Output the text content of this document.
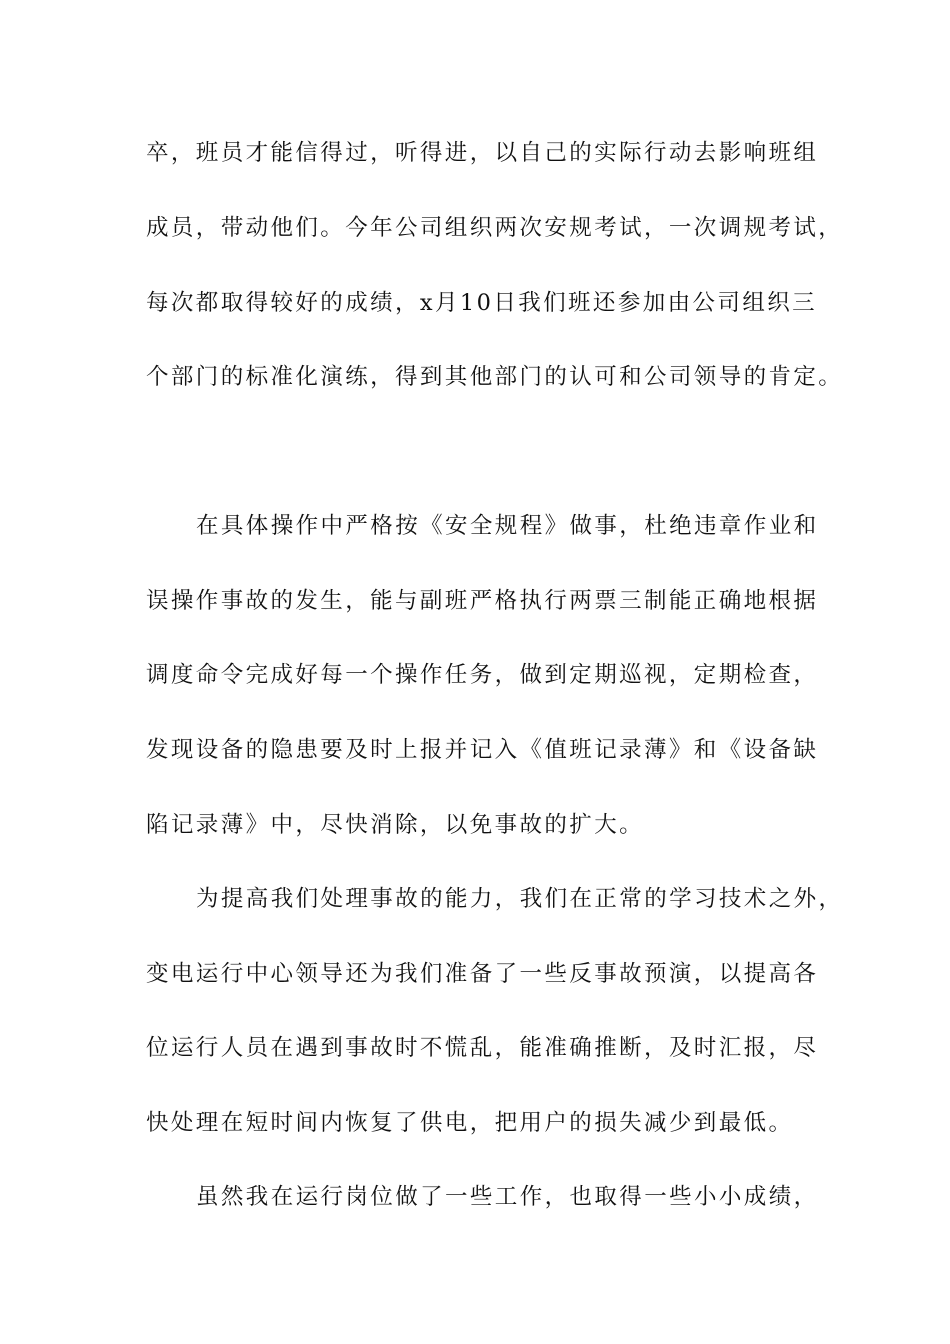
卒，班员才能信得过，听得进，以自己的实际行动去影响班组
成员，带动他们。今年公司组织两次安规考试，一次调规考试，
每次都取得较好的成绩，x月10日我们班还参加由公司组织三
个部门的标准化演练，得到其他部门的认可和公司领导的肯定。
在具体操作中严格按《安全规程》做事，杜绝违章作业和
误操作事故的发生，能与副班严格执行两票三制能正确地根据
调度命令完成好每一个操作任务，做到定期巡视，定期检查，
发现设备的隐患要及时上报并记入《值班记录薄》和《设备缺
陷记录薄》中，尽快消除，以免事故的扩大。
为提高我们处理事故的能力，我们在正常的学习技术之外，
变电运行中心领导还为我们准备了一些反事故预演，以提高各
位运行人员在遇到事故时不慌乱，能准确推断，及时汇报，尽
快处理在短时间内恢复了供电，把用户的损失减少到最低。
虽然我在运行岗位做了一些工作，也取得一些小小成绩，
